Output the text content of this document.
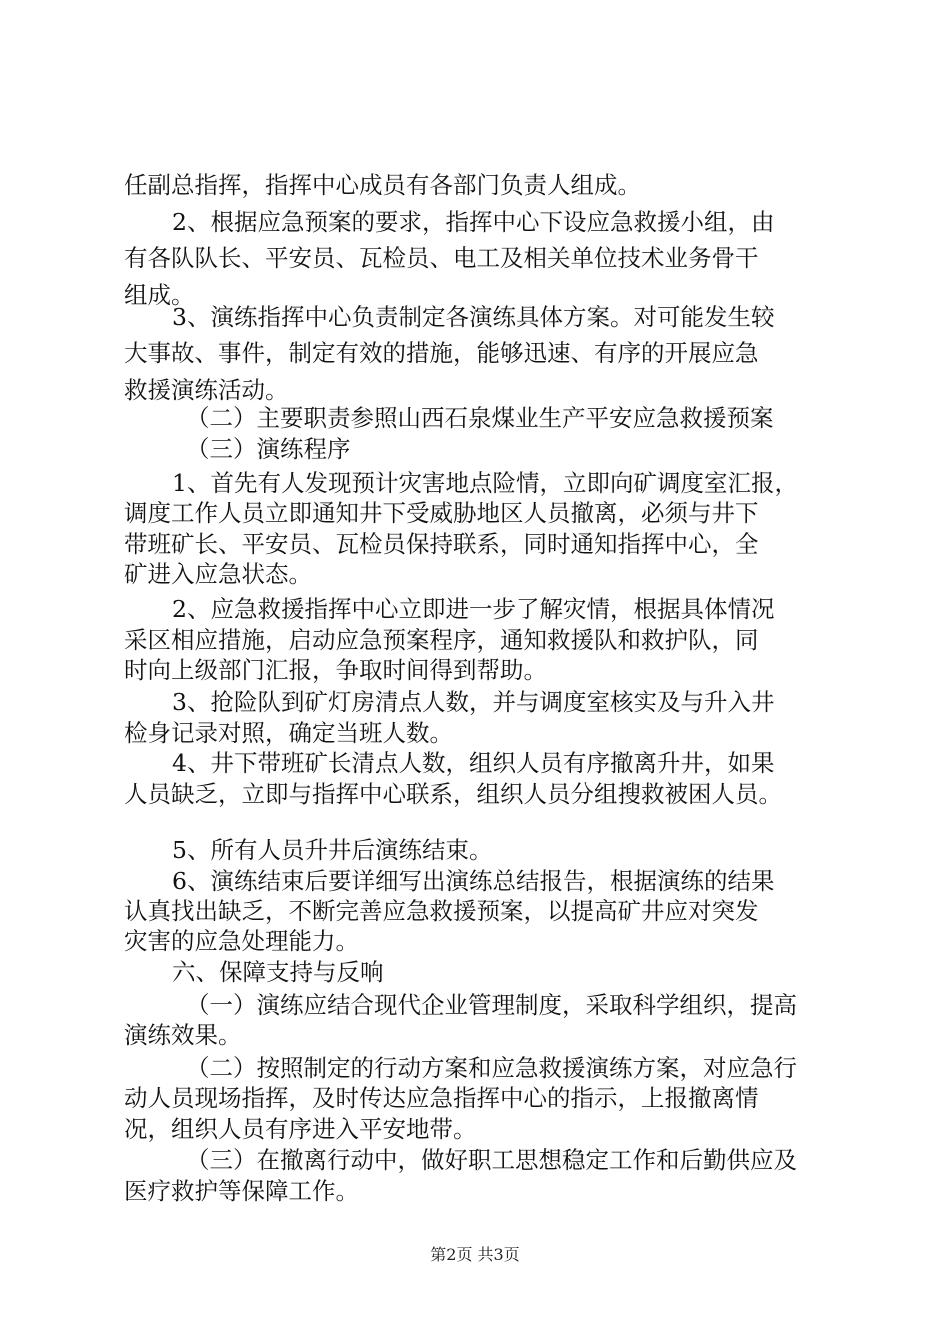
任副总指挥，指挥中心成员有各部门负责人组成。
2、根据应急预案的要求，指挥中心下设应急救援小组，由
有各队队长、平安员、瓦检员、电工及相关单位技术业务骨干
组成。
3、演练指挥中心负责制定各演练具体方案。对可能发生较
大事故、事件，制定有效的措施，能够迅速、有序的开展应急
救援演练活动。
（二）主要职责参照山西石泉煤业生产平安应急救援预案
（三）演练程序
1、首先有人发现预计灾害地点险情，立即向矿调度室汇报，
调度工作人员立即通知井下受威胁地区人员撤离，必须与井下
带班矿长、平安员、瓦检员保持联系，同时通知指挥中心，全
矿进入应急状态。
2、应急救援指挥中心立即进一步了解灾情，根据具体情况
采区相应措施，启动应急预案程序，通知救援队和救护队，同
时向上级部门汇报，争取时间得到帮助。
3、抢险队到矿灯房清点人数，并与调度室核实及与升入井
检身记录对照，确定当班人数。
4、井下带班矿长清点人数，组织人员有序撤离升井，如果
人员缺乏，立即与指挥中心联系，组织人员分组搜救被困人员。
5、所有人员升井后演练结束。
6、演练结束后要详细写出演练总结报告，根据演练的结果
认真找出缺乏，不断完善应急救援预案，以提高矿井应对突发
灾害的应急处理能力。
六、保障支持与反响
（一）演练应结合现代企业管理制度，采取科学组织，提高
演练效果。
（二）按照制定的行动方案和应急救援演练方案，对应急行
动人员现场指挥，及时传达应急指挥中心的指示，上报撤离情
况，组织人员有序进入平安地带。
（三）在撤离行动中，做好职工思想稳定工作和后勤供应及
医疗救护等保障工作。
第2页 共3页
